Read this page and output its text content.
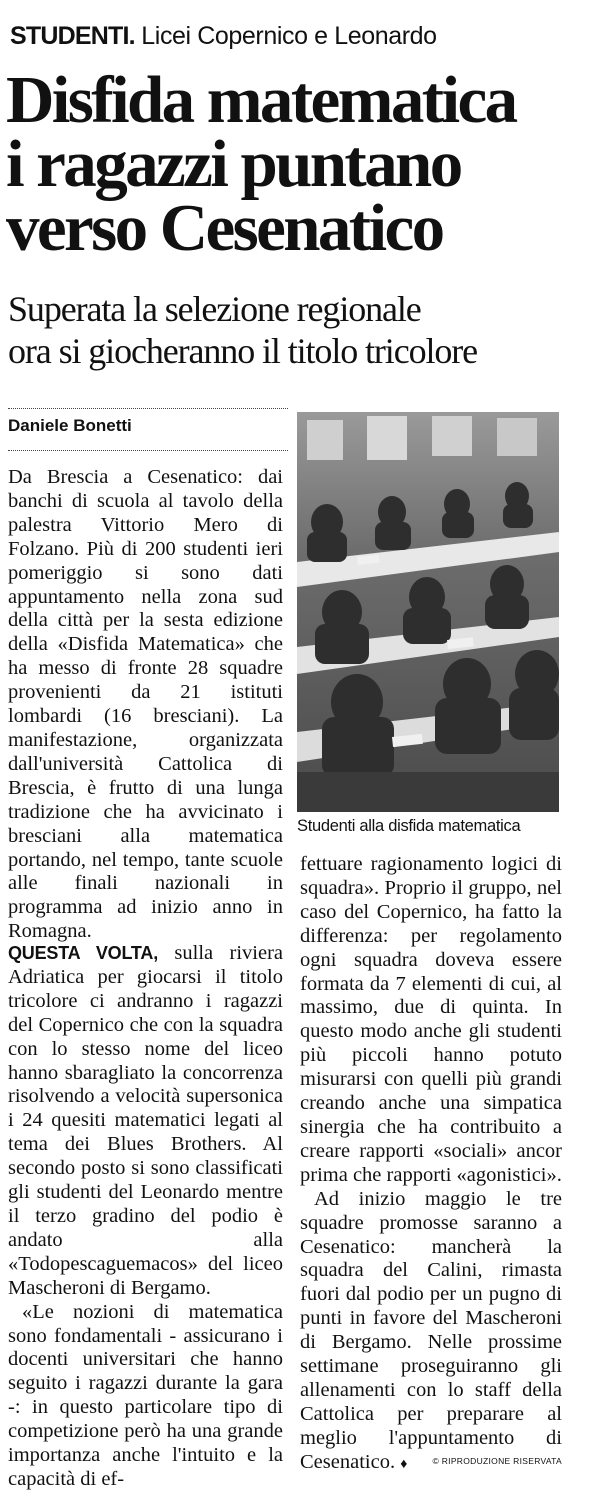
STUDENTI. Licei Copernico e Leonardo
Disfida matematica
i ragazzi puntano
verso Cesenatico
Superata la selezione regionale
ora si giocheranno il titolo tricolore
Daniele Bonetti
Studenti alla disfida matematica

Da Brescia a Cesenatico: dai banchi di scuola al tavolo della palestra Vittorio Mero di Folzano. Più di 200 studenti ieri pomeriggio si sono dati appuntamento nella zona sud della città per la sesta edizione della «Disfida Matematica» che ha messo di fronte 28 squadre provenienti da 21 istituti lombardi (16 bresciani). La manifestazione, organizzata dall'università Cattolica di Brescia, è frutto di una lunga tradizione che ha avvicinato i bresciani alla matematica portando, nel tempo, tante scuole alle finali nazionali in programma ad inizio anno in Romagna.

QUESTA VOLTA, sulla riviera Adriatica per giocarsi il titolo tricolore ci andranno i ragazzi del Copernico che con la squadra con lo stesso nome del liceo hanno sbaragliato la concorrenza risolvendo a velocità supersonica i 24 quesiti matematici legati al tema dei Blues Brothers. Al secondo posto si sono classificati gli studenti del Leonardo mentre il terzo gradino del podio è andato alla «Todopescaguemacos» del liceo Mascheroni di Bergamo.

«Le nozioni di matematica sono fondamentali - assicurano i docenti universitari che hanno seguito i ragazzi durante la gara -: in questo particolare tipo di competizione però ha una grande importanza anche l'intuito e la capacità di ef-

fettuare ragionamento logici di squadra». Proprio il gruppo, nel caso del Copernico, ha fatto la differenza: per regolamento ogni squadra doveva essere formata da 7 elementi di cui, al massimo, due di quinta. In questo modo anche gli studenti più piccoli hanno potuto misurarsi con quelli più grandi creando anche una simpatica sinergia che ha contribuito a creare rapporti «sociali» ancor prima che rapporti «agonistici».

Ad inizio maggio le tre squadre promosse saranno a Cesenatico: mancherà la squadra del Calini, rimasta fuori dal podio per un pugno di punti in favore del Mascheroni di Bergamo. Nelle prossime settimane proseguiranno gli allenamenti con lo staff della Cattolica per preparare al meglio l'appuntamento di Cesenatico. ♦	© RIPRODUZIONE RISERVATA
